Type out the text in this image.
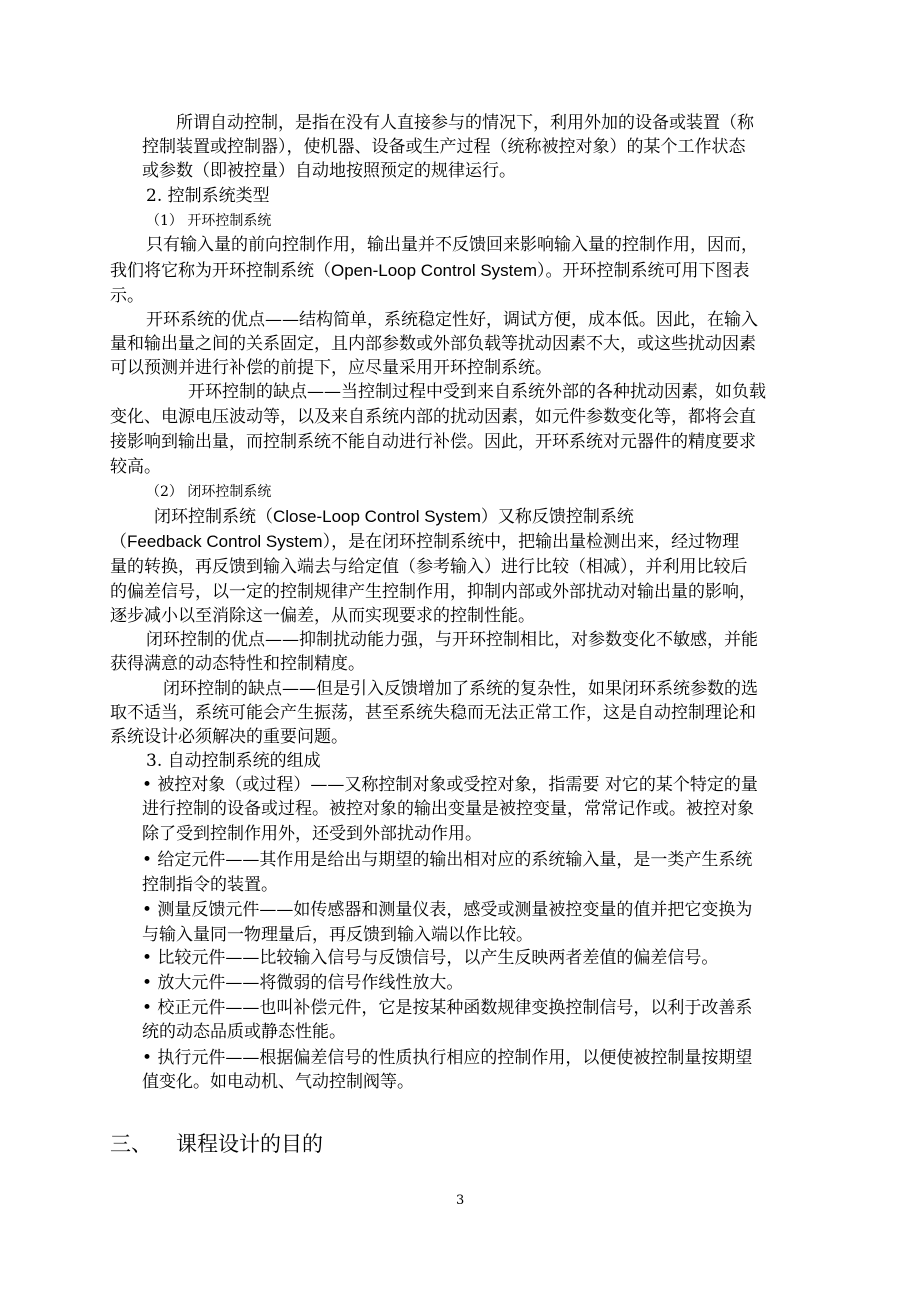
所谓自动控制，是指在没有人直接参与的情况下，利用外加的设备或装置（称

控制装置或控制器），使机器、设备或生产过程（统称被控对象）的某个工作状态

或参数（即被控量）自动地按照预定的规律运行。

2. 控制系统类型

（1） 开环控制系统

只有输入量的前向控制作用，输出量并不反馈回来影响输入量的控制作用，因而，

我们将它称为开环控制系统（Open-Loop Control System）。开环控制系统可用下图表

示。

开环系统的优点——结构简单，系统稳定性好，调试方便，成本低。因此，在输入

量和输出量之间的关系固定，且内部参数或外部负载等扰动因素不大，或这些扰动因素

可以预测并进行补偿的前提下，应尽量采用开环控制系统。

开环控制的缺点——当控制过程中受到来自系统外部的各种扰动因素，如负载

变化、电源电压波动等，以及来自系统内部的扰动因素，如元件参数变化等，都将会直

接影响到输出量，而控制系统不能自动进行补偿。因此，开环系统对元器件的精度要求

较高。

（2） 闭环控制系统

闭环控制系统（Close-Loop Control System）又称反馈控制系统

（Feedback Control System），是在闭环控制系统中，把输出量检测出来，经过物理

量的转换，再反馈到输入端去与给定值（参考输入）进行比较（相减），并利用比较后

的偏差信号，以一定的控制规律产生控制作用，抑制内部或外部扰动对输出量的影响，

逐步减小以至消除这一偏差，从而实现要求的控制性能。

闭环控制的优点——抑制扰动能力强，与开环控制相比，对参数变化不敏感，并能

获得满意的动态特性和控制精度。

闭环控制的缺点——但是引入反馈增加了系统的复杂性，如果闭环系统参数的选

取不适当，系统可能会产生振荡，甚至系统失稳而无法正常工作，这是自动控制理论和

系统设计必须解决的重要问题。

3. 自动控制系统的组成

• 被控对象（或过程）——又称控制对象或受控对象，指需要 对它的某个特定的量

进行控制的设备或过程。被控对象的输出变量是被控变量，常常记作或。被控对象

除了受到控制作用外，还受到外部扰动作用。

• 给定元件——其作用是给出与期望的输出相对应的系统输入量，是一类产生系统

控制指令的装置。

• 测量反馈元件——如传感器和测量仪表，感受或测量被控变量的值并把它变换为

与输入量同一物理量后，再反馈到输入端以作比较。

• 比较元件——比较输入信号与反馈信号，以产生反映两者差值的偏差信号。

• 放大元件——将微弱的信号作线性放大。

• 校正元件——也叫补偿元件，它是按某种函数规律变换控制信号，以利于改善系

统的动态品质或静态性能。

• 执行元件——根据偏差信号的性质执行相应的控制作用，以便使被控制量按期望

值变化。如电动机、气动控制阀等。

三、 课程设计的目的

3
